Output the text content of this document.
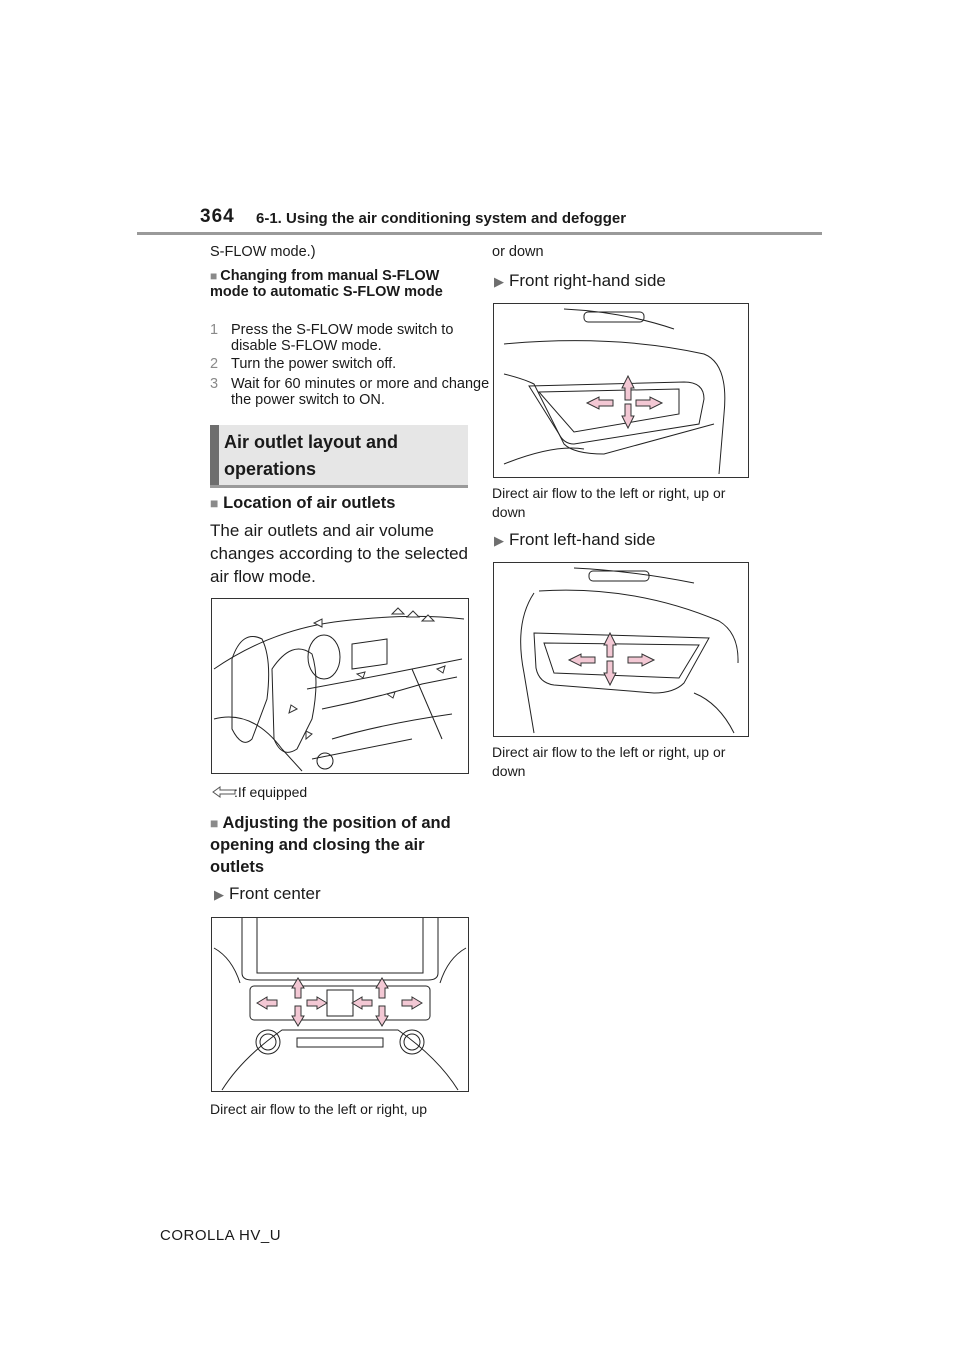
364 6-1. Using the air conditioning system and defogger
S-FLOW mode.)
■ Changing from manual S-FLOW mode to automatic S-FLOW mode
1 Press the S-FLOW mode switch to disable S-FLOW mode.
2 Turn the power switch off.
3 Wait for 60 minutes or more and change the power switch to ON.
Air outlet layout and operations
■ Location of air outlets
The air outlets and air volume changes according to the selected air flow mode.
:If equipped
■ Adjusting the position of and opening and closing the air outlets
▶ Front center
Direct air flow to the left or right, up
or down
▶ Front right-hand side
Direct air flow to the left or right, up or down
▶ Front left-hand side
Direct air flow to the left or right, up or down
COROLLA HV_U
